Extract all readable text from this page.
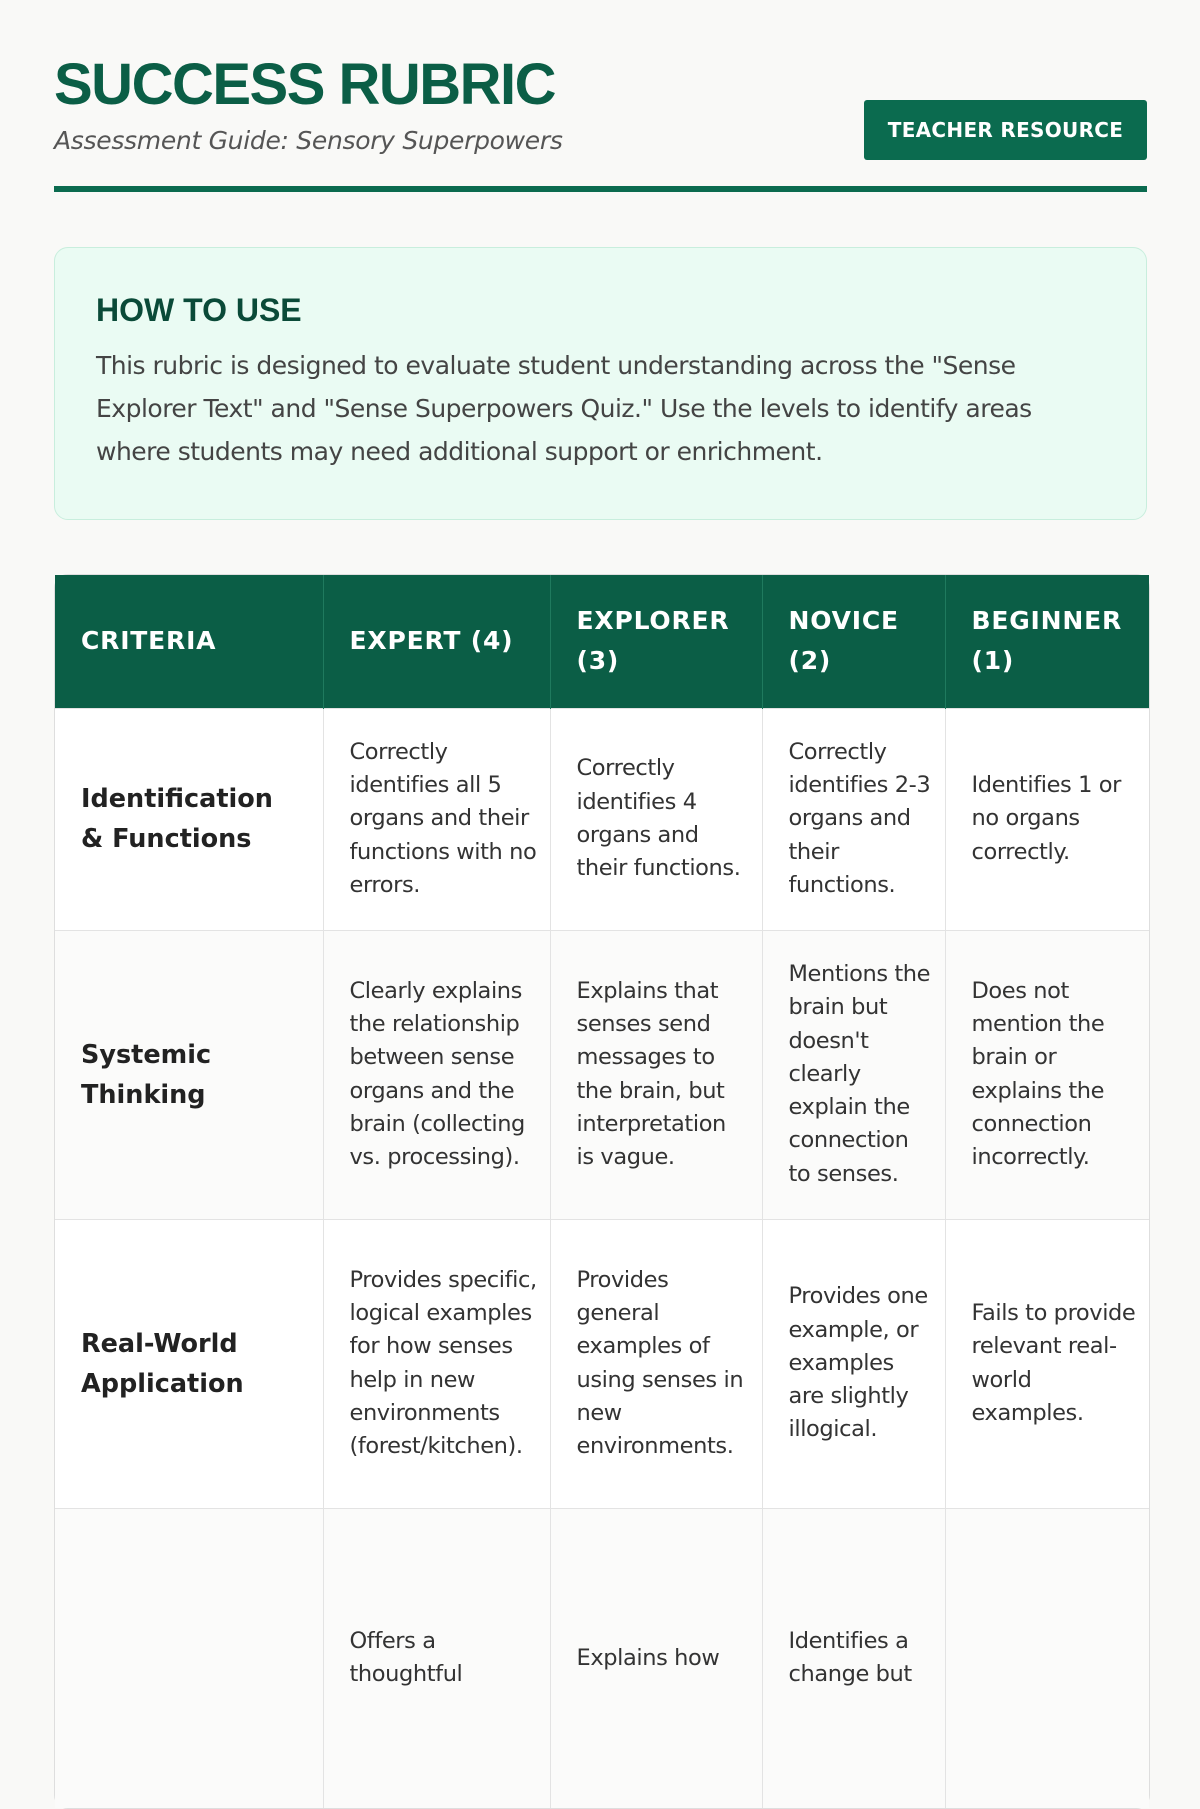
SUCCESS RUBRIC
Assessment Guide: Sensory Superpowers	TEACHER RESOURCE
HOW TO USE

This rubric is designed to evaluate student understanding across the "Sense Explorer Text" and "Sense Superpowers Quiz." Use the levels to identify areas where students may need additional support or enrichment.

CRITERIA	EXPERT (4)	EXPLORER (3)	NOVICE (2)	BEGINNER (1)
Identification & Functions	Correctly identifies all 5 organs and their functions with no errors.	Correctly identifies 4 organs and their functions.	Correctly identifies 2-3 organs and their functions.	Identifies 1 or no organs correctly.
Systemic Thinking	Clearly explains the relationship between sense organs and the brain (collecting vs. processing).	Explains that senses send messages to the brain, but interpretation is vague.	Mentions the brain but doesn't clearly explain the connection to senses.	Does not mention the brain or explains the connection incorrectly.
Real-World Application	Provides specific, logical examples for how senses help in new environments (forest/kitchen).	Provides general examples of using senses in new environments.	Provides one example, or examples are slightly illogical.	Fails to provide relevant real-world examples.
	Offers a thoughtful	Explains how	Identifies a change but	
